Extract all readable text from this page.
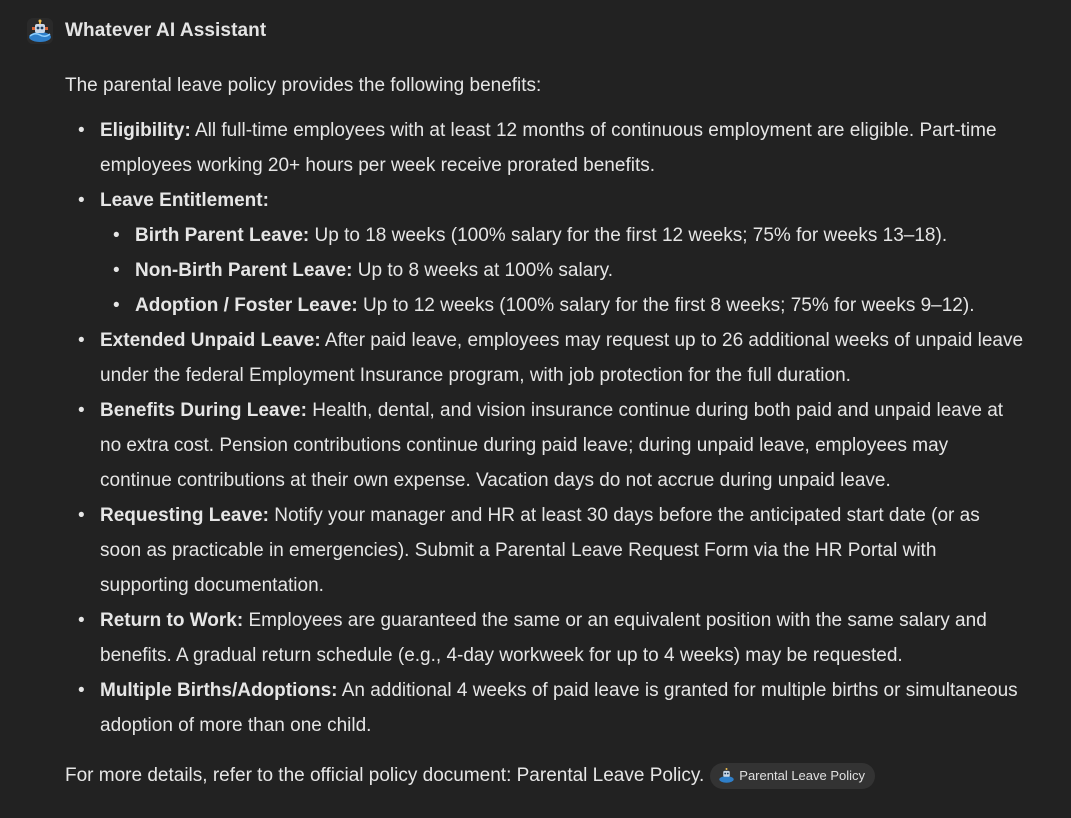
Whatever AI Assistant

The parental leave policy provides the following benefits:

• Eligibility: All full-time employees with at least 12 months of continuous employment are eligible. Part-time employees working 20+ hours per week receive prorated benefits.
• Leave Entitlement:
• Birth Parent Leave: Up to 18 weeks (100% salary for the first 12 weeks; 75% for weeks 13–18).
• Non-Birth Parent Leave: Up to 8 weeks at 100% salary.
• Adoption / Foster Leave: Up to 12 weeks (100% salary for the first 8 weeks; 75% for weeks 9–12).
• Extended Unpaid Leave: After paid leave, employees may request up to 26 additional weeks of unpaid leave under the federal Employment Insurance program, with job protection for the full duration.
• Benefits During Leave: Health, dental, and vision insurance continue during both paid and unpaid leave at no extra cost. Pension contributions continue during paid leave; during unpaid leave, employees may continue contributions at their own expense. Vacation days do not accrue during unpaid leave.
• Requesting Leave: Notify your manager and HR at least 30 days before the anticipated start date (or as soon as practicable in emergencies). Submit a Parental Leave Request Form via the HR Portal with supporting documentation.
• Return to Work: Employees are guaranteed the same or an equivalent position with the same salary and benefits. A gradual return schedule (e.g., 4-day workweek for up to 4 weeks) may be requested.
• Multiple Births/Adoptions: An additional 4 weeks of paid leave is granted for multiple births or simultaneous adoption of more than one child.

For more details, refer to the official policy document: Parental Leave Policy.	Parental Leave Policy
